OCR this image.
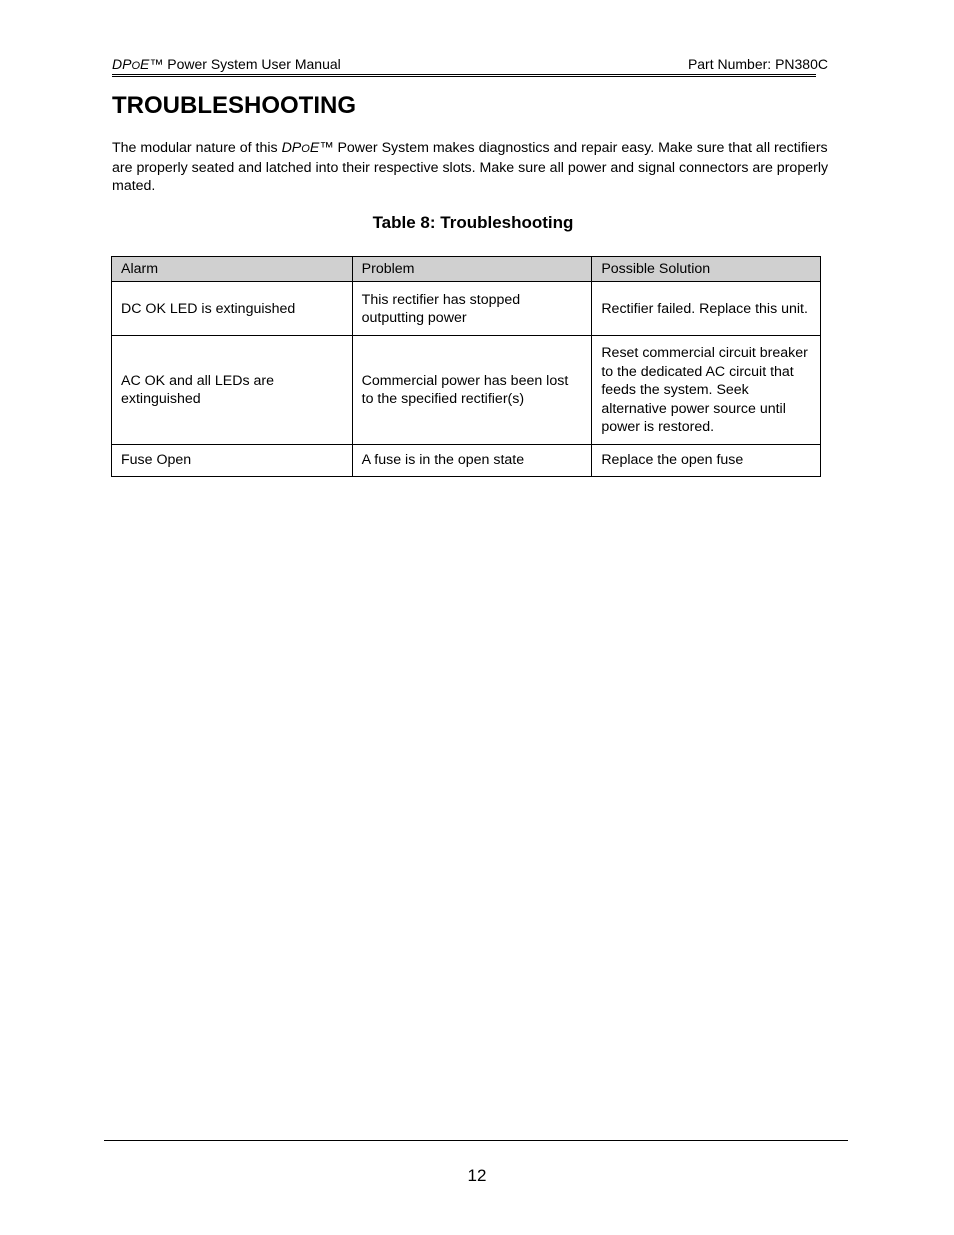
DPOE™ Power System User Manual	Part Number: PN380C
TROUBLESHOOTING

The modular nature of this DPOE™ Power System makes diagnostics and repair easy. Make sure that all rectifiers are properly seated and latched into their respective slots. Make sure all power and signal connectors are properly mated.

Table 8: Troubleshooting
Alarm	Problem	Possible Solution
DC OK LED is extinguished	This rectifier has stopped outputting power	Rectifier failed. Replace this unit.
AC OK and all LEDs are extinguished	Commercial power has been lost to the specified rectifier(s)	Reset commercial circuit breaker to the dedicated AC circuit that feeds the system. Seek alternative power source until power is restored.
Fuse Open	A fuse is in the open state	Replace the open fuse
12
